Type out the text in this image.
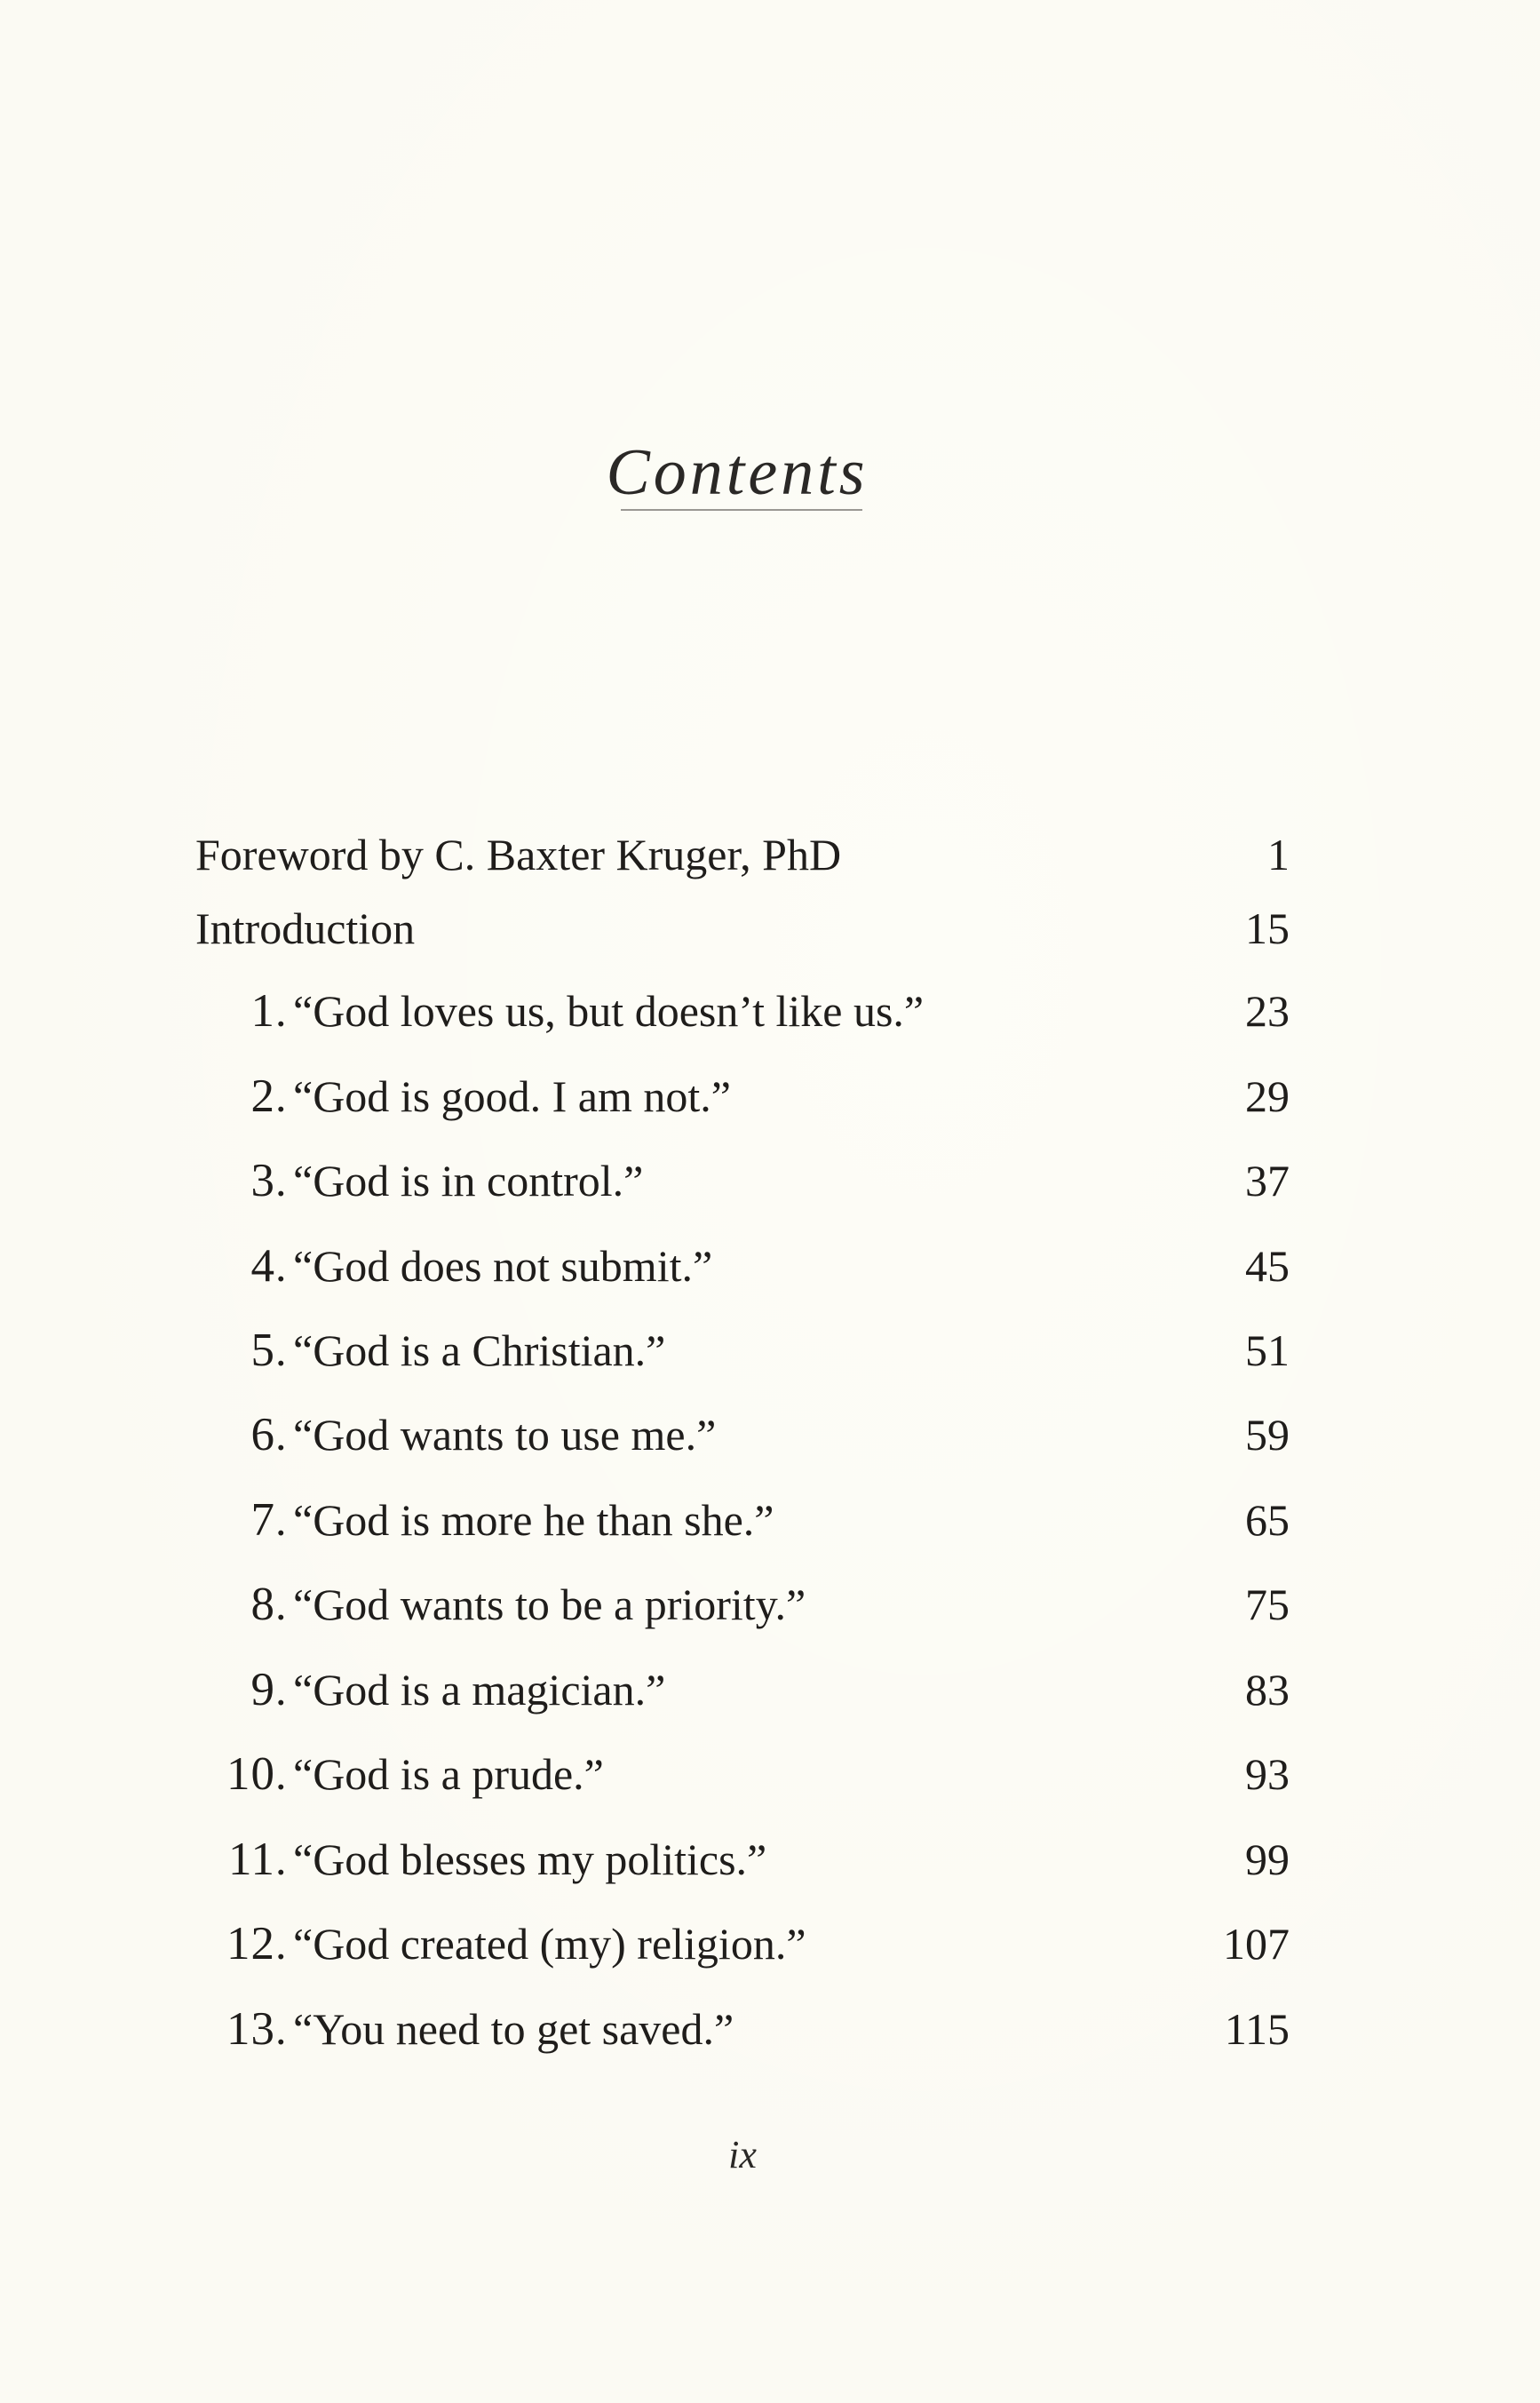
Contents
Foreword by C. Baxter Kruger, PhD	1
Introduction	15
1 . “God loves us, but doesn’t like us.”	23
2 . “God is good. I am not.”	29
3 . “God is in control.”	37
4 . “God does not submit.”	45
5 . “God is a Christian.”	51
6 . “God wants to use me.”	59
7 . “God is more he than she.”	65
8 . “God wants to be a priority.”	75
9 . “God is a magician.”	83
10 . “God is a prude.”	93
11 . “God blesses my politics.”	99
12 . “God created (my) religion.”	107
13 . “You need to get saved.”	115
ix
